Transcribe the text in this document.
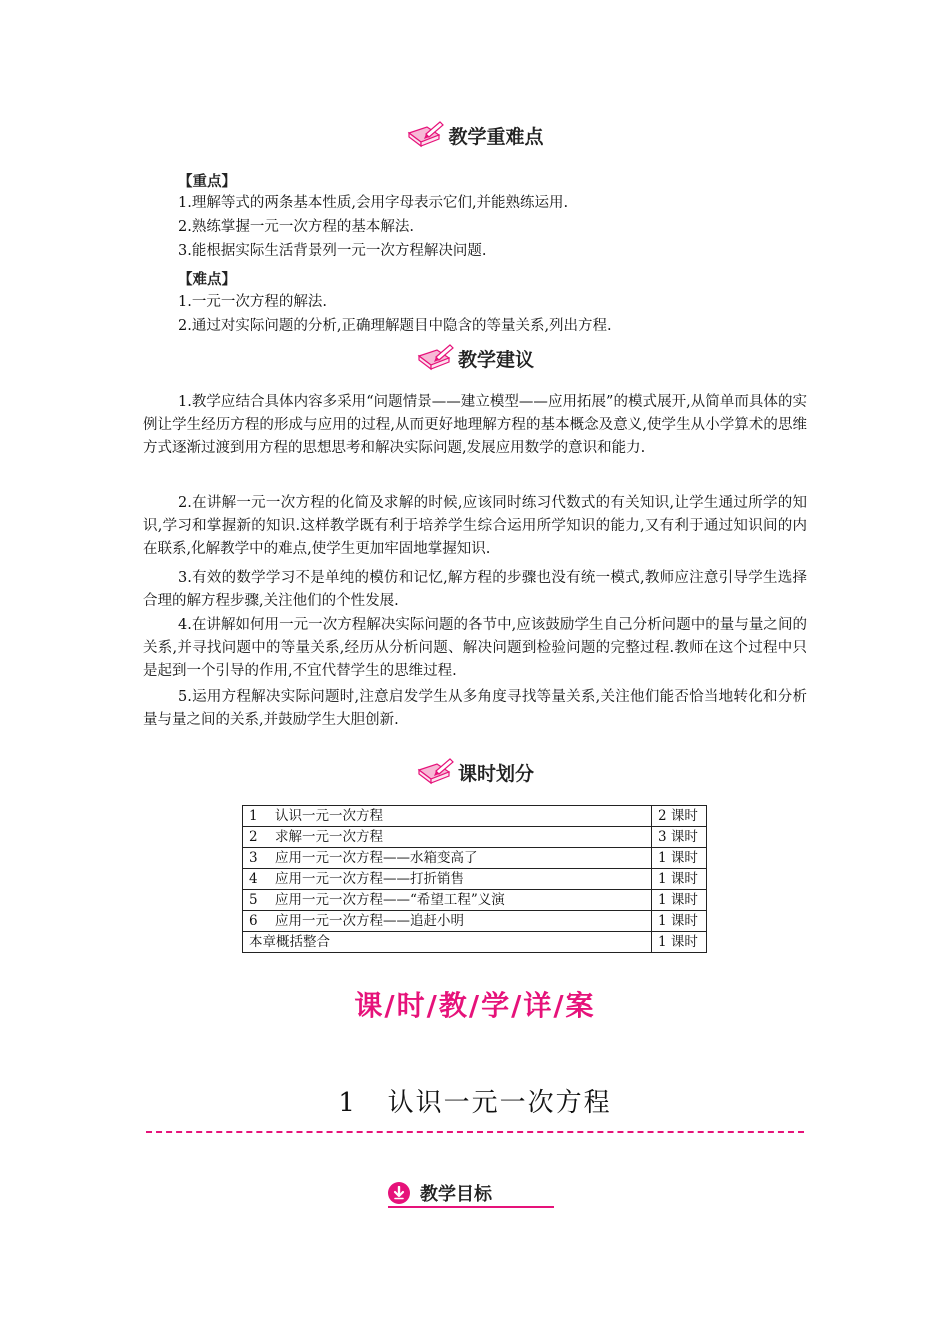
教学重难点
【重点】
1.理解等式的两条基本性质,会用字母表示它们,并能熟练运用.
2.熟练掌握一元一次方程的基本解法.
3.能根据实际生活背景列一元一次方程解决问题.
【难点】
1.一元一次方程的解法.
2.通过对实际问题的分析,正确理解题目中隐含的等量关系,列出方程.
教学建议

1.教学应结合具体内容多采用“问题情景——建立模型——应用拓展”的模式展开,从简单而具体的实例让学生经历方程的形成与应用的过程,从而更好地理解方程的基本概念及意义,使学生从小学算术的思维方式逐渐过渡到用方程的思想思考和解决实际问题,发展应用数学的意识和能力.

2.在讲解一元一次方程的化简及求解的时候,应该同时练习代数式的有关知识,让学生通过所学的知识,学习和掌握新的知识.这样教学既有利于培养学生综合运用所学知识的能力,又有利于通过知识间的内在联系,化解教学中的难点,使学生更加牢固地掌握知识.

3.有效的数学学习不是单纯的模仿和记忆,解方程的步骤也没有统一模式,教师应注意引导学生选择合理的解方程步骤,关注他们的个性发展.

4.在讲解如何用一元一次方程解决实际问题的各节中,应该鼓励学生自己分析问题中的量与量之间的关系,并寻找问题中的等量关系,经历从分析问题、解决问题到检验问题的完整过程.教师在这个过程中只是起到一个引导的作用,不宜代替学生的思维过程.

5.运用方程解决实际问题时,注意启发学生从多角度寻找等量关系,关注他们能否恰当地转化和分析量与量之间的关系,并鼓励学生大胆创新.

课时划分
1 认识一元一次方程	2 课时
2 求解一元一次方程	3 课时
3 应用一元一次方程——水箱变高了	1 课时
4 应用一元一次方程——打折销售	1 课时
5 应用一元一次方程——“希望工程”义演	1 课时
6 应用一元一次方程——追赶小明	1 课时
本章概括整合	1 课时
课/时/教/学/详/案
1 认识一元一次方程
教学目标
